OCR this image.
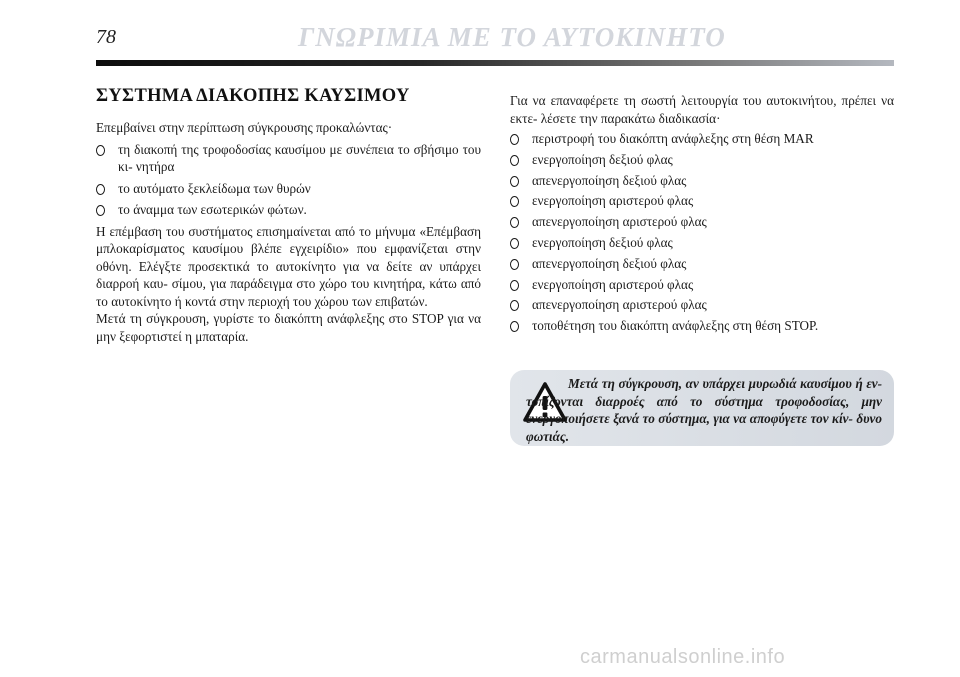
78	ΓΝΩΡΙΜΙΑ ΜΕ ΤΟ ΑΥΤΟΚΙΝΗΤΟ
ΣΥΣΤΗΜΑ ΔΙΑΚΟΠΗΣ ΚΑΥΣΙΜΟΥ

Επεμβαίνει στην περίπτωση σύγκρουσης προκαλώντας·

τη διακοπή της τροφοδοσίας καυσίμου με συνέπεια το σβήσιμο του κι- νητήρα
το αυτόματο ξεκλείδωμα των θυρών
το άναμμα των εσωτερικών φώτων.

Η επέμβαση του συστήματος επισημαίνεται από το μήνυμα «Επέμβαση μπλοκαρίσματος καυσίμου βλέπε εγχειρίδιο» που εμφανίζεται στην οθόνη. Ελέγξτε προσεκτικά το αυτοκίνητο για να δείτε αν υπάρχει διαρροή καυ- σίμου, για παράδειγμα στο χώρο του κινητήρα, κάτω από το αυτοκίνητο ή κοντά στην περιοχή του χώρου των επιβατών.

Μετά τη σύγκρουση, γυρίστε το διακόπτη ανάφλεξης στο STOP για να μην ξεφορτιστεί η μπαταρία.

Για να επαναφέρετε τη σωστή λειτουργία του αυτοκινήτου, πρέπει να εκτε- λέσετε την παρακάτω διαδικασία·

περιστροφή του διακόπτη ανάφλεξης στη θέση MAR
ενεργοποίηση δεξιού φλας
απενεργοποίηση δεξιού φλας
ενεργοποίηση αριστερού φλας
απενεργοποίηση αριστερού φλας
ενεργοποίηση δεξιού φλας
απενεργοποίηση δεξιού φλας
ενεργοποίηση αριστερού φλας
απενεργοποίηση αριστερού φλας
τοποθέτηση του διακόπτη ανάφλεξης στη θέση STOP.

Μετά τη σύγκρουση, αν υπάρχει μυρωδιά καυσίμου ή εν- τοπίζονται διαρροές από το σύστημα τροφοδοσίας, μην ενεργοποιήσετε ξανά το σύστημα, για να αποφύγετε τον κίν- δυνο φωτιάς.

carmanualsonline.info
